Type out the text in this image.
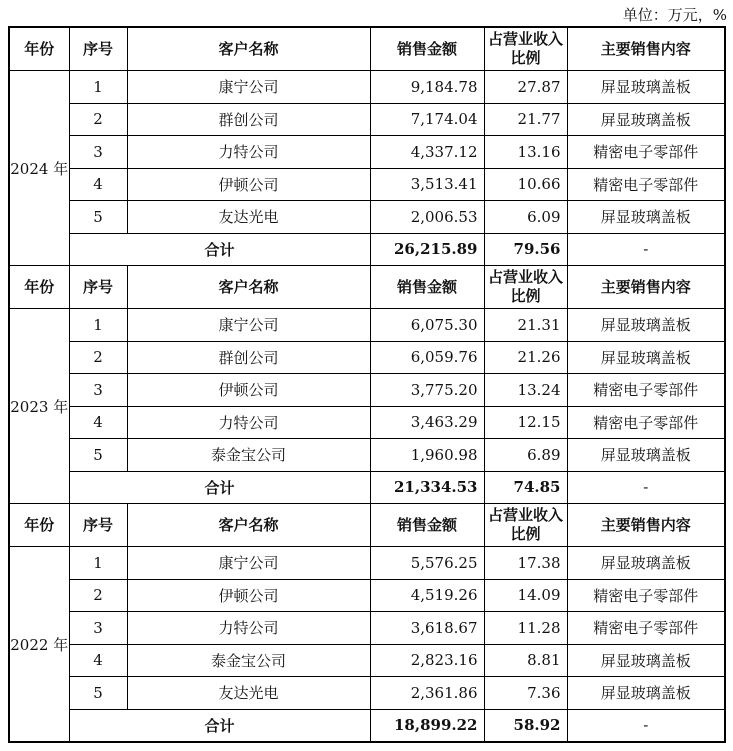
单位：万元，%
年份	序号	客户名称	销售金额	占营业收入比例	主要销售内容
2024 年	1	康宁公司	9,184.78	27.87	屏显玻璃盖板
	2	群创公司	7,174.04	21.77	屏显玻璃盖板
	3	力特公司	4,337.12	13.16	精密电子零部件
	4	伊顿公司	3,513.41	10.66	精密电子零部件
	5	友达光电	2,006.53	6.09	屏显玻璃盖板
	合计		26,215.89	79.56	-
年份	序号	客户名称	销售金额	占营业收入比例	主要销售内容
2023 年	1	康宁公司	6,075.30	21.31	屏显玻璃盖板
	2	群创公司	6,059.76	21.26	屏显玻璃盖板
	3	伊顿公司	3,775.20	13.24	精密电子零部件
	4	力特公司	3,463.29	12.15	精密电子零部件
	5	泰金宝公司	1,960.98	6.89	屏显玻璃盖板
	合计		21,334.53	74.85	-
年份	序号	客户名称	销售金额	占营业收入比例	主要销售内容
2022 年	1	康宁公司	5,576.25	17.38	屏显玻璃盖板
	2	伊顿公司	4,519.26	14.09	精密电子零部件
	3	力特公司	3,618.67	11.28	精密电子零部件
	4	泰金宝公司	2,823.16	8.81	屏显玻璃盖板
	5	友达光电	2,361.86	7.36	屏显玻璃盖板
	合计		18,899.22	58.92	-
